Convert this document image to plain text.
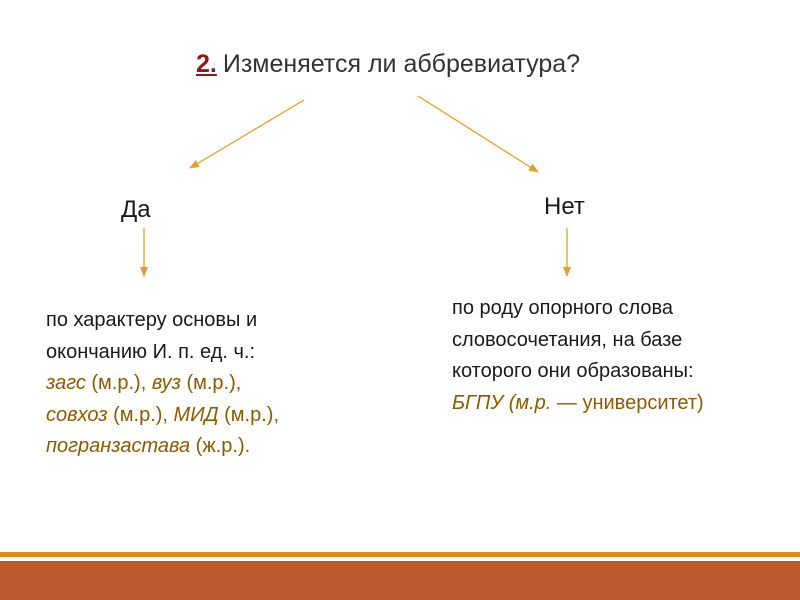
2. Изменяется ли аббревиатура?
Да	Нет
по характеру основы и
окончанию И. п. ед. ч.:
загс (м.р.), вуз (м.р.),
совхоз (м.р.), МИД (м.р.),
погранзастава (ж.р.).
по роду опорного слова
словосочетания, на базе
которого они образованы:
БГПУ (м.р. — университет)
